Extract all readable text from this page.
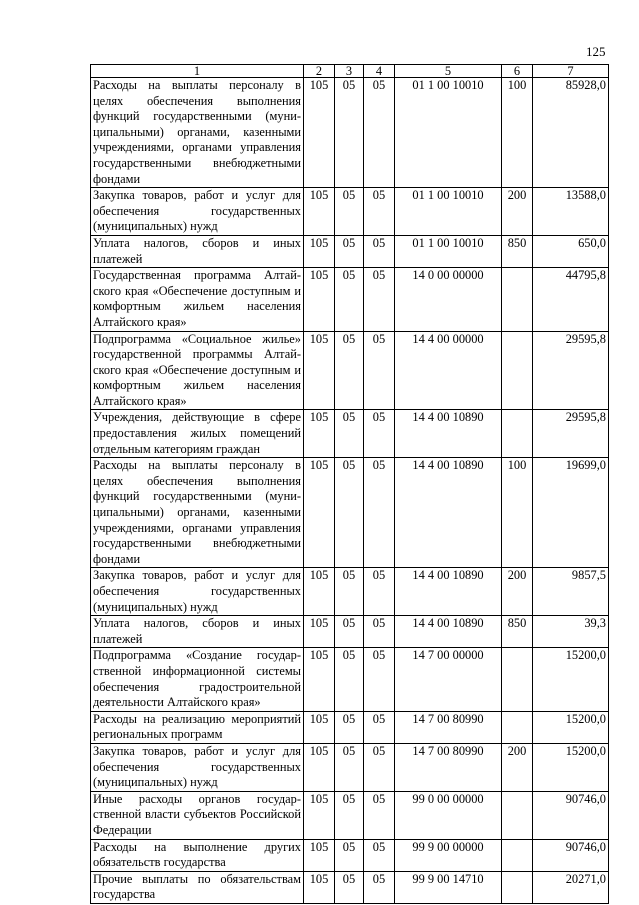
125
1	2	3	4	5	6	7
Расходы на выплаты персоналу в целях обеспечения выполнения функций государственными (муниципальными) органами, казенными учреждениями, органами управления государственными внебюджетными фондами	105	05	05	01 1 00 10010	100	85928,0
Закупка товаров, работ и услуг для обеспечения государственных (муниципальных) нужд	105	05	05	01 1 00 10010	200	13588,0
Уплата налогов, сборов и иных платежей	105	05	05	01 1 00 10010	850	650,0
Государственная программа Алтайского края «Обеспечение доступным и комфортным жильем населения Алтайского края»	105	05	05	14 0 00 00000		44795,8
Подпрограмма «Социальное жилье» государственной программы Алтайского края «Обеспечение доступным и комфортным жильем населения Алтайского края»	105	05	05	14 4 00 00000		29595,8
Учреждения, действующие в сфере предоставления жилых помещений отдельным категориям граждан	105	05	05	14 4 00 10890		29595,8
Расходы на выплаты персоналу в целях обеспечения выполнения функций государственными (муниципальными) органами, казенными учреждениями, органами управления государственными внебюджетными фондами	105	05	05	14 4 00 10890	100	19699,0
Закупка товаров, работ и услуг для обеспечения государственных (муниципальных) нужд	105	05	05	14 4 00 10890	200	9857,5
Уплата налогов, сборов и иных платежей	105	05	05	14 4 00 10890	850	39,3
Подпрограмма «Создание государственной информационной системы обеспечения градостроительной деятельности Алтайского края»	105	05	05	14 7 00 00000		15200,0
Расходы на реализацию мероприятий региональных программ	105	05	05	14 7 00 80990		15200,0
Закупка товаров, работ и услуг для обеспечения государственных (муниципальных) нужд	105	05	05	14 7 00 80990	200	15200,0
Иные расходы органов государственной власти субъектов Российской Федерации	105	05	05	99 0 00 00000		90746,0
Расходы на выполнение других обязательств государства	105	05	05	99 9 00 00000		90746,0
Прочие выплаты по обязательствам государства	105	05	05	99 9 00 14710		20271,0
